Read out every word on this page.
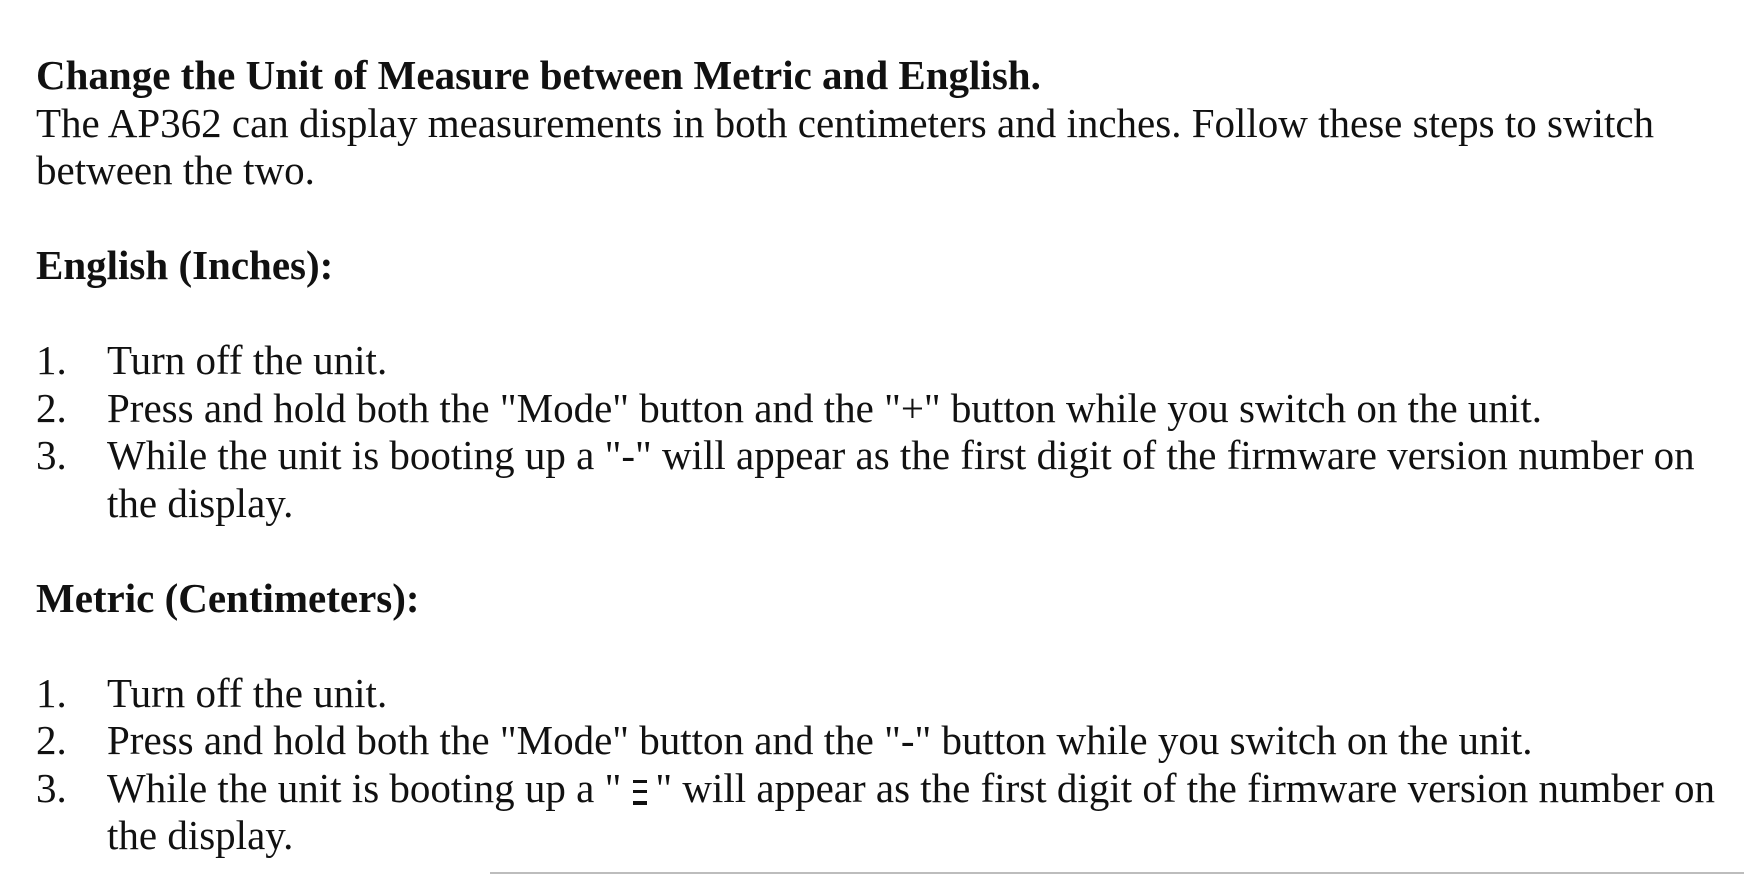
Change the Unit of Measure between Metric and English.

The AP362 can display measurements in both centimeters and inches. Follow these steps to switch between the two.

English (Inches):

1. Turn off the unit.
2. Press and hold both the "Mode" button and the "+" button while you switch on the unit.
3. While the unit is booting up a "-" will appear as the first digit of the firmware version number on the display.

Metric (Centimeters):

1. Turn off the unit.
2. Press and hold both the "Mode" button and the "-" button while you switch on the unit.
3. While the unit is booting up a " " will appear as the first digit of the firmware version number on the display.
